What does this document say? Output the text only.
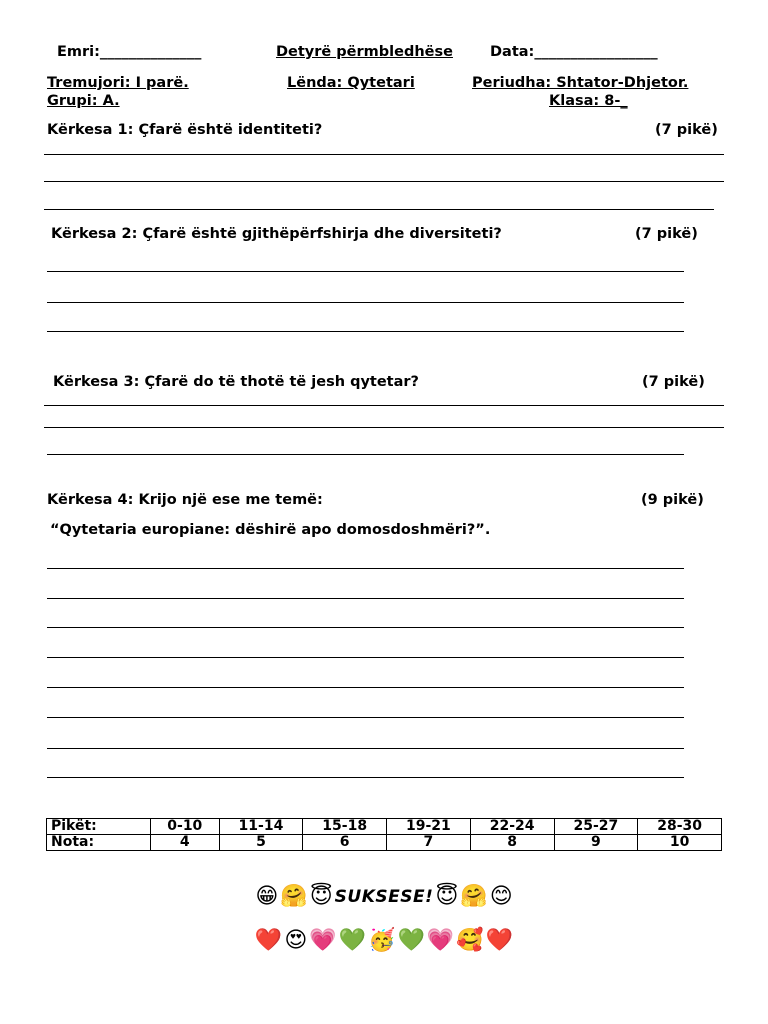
Emri:______________	Detyrë përmbledhëse	Data:_________________
Tremujori: I parë.	Lënda: Qytetari	Periudha: Shtator-Dhjetor.
Grupi: A.	Klasa: 8-_
Kërkesa 1: Çfarë është identiteti?	(7 pikë)
Kërkesa 2: Çfarë është gjithëpërfshirja dhe diversiteti?	(7 pikë)
Kërkesa 3: Çfarë do të thotë të jesh qytetar?	(7 pikë)
Kërkesa 4: Krijo një ese me temë:	(9 pikë)
“Qytetaria europiane: dëshirë apo domosdoshmëri?”.
Pikët:	0-10	11-14	15-18	19-21	22-24	25-27	28-30
Nota:	4	5	6	7	8	9	10
😁🤗😇 SUKSESE!😇🤗😊
❤️😍💗💚🥳💚💗🥰❤️
